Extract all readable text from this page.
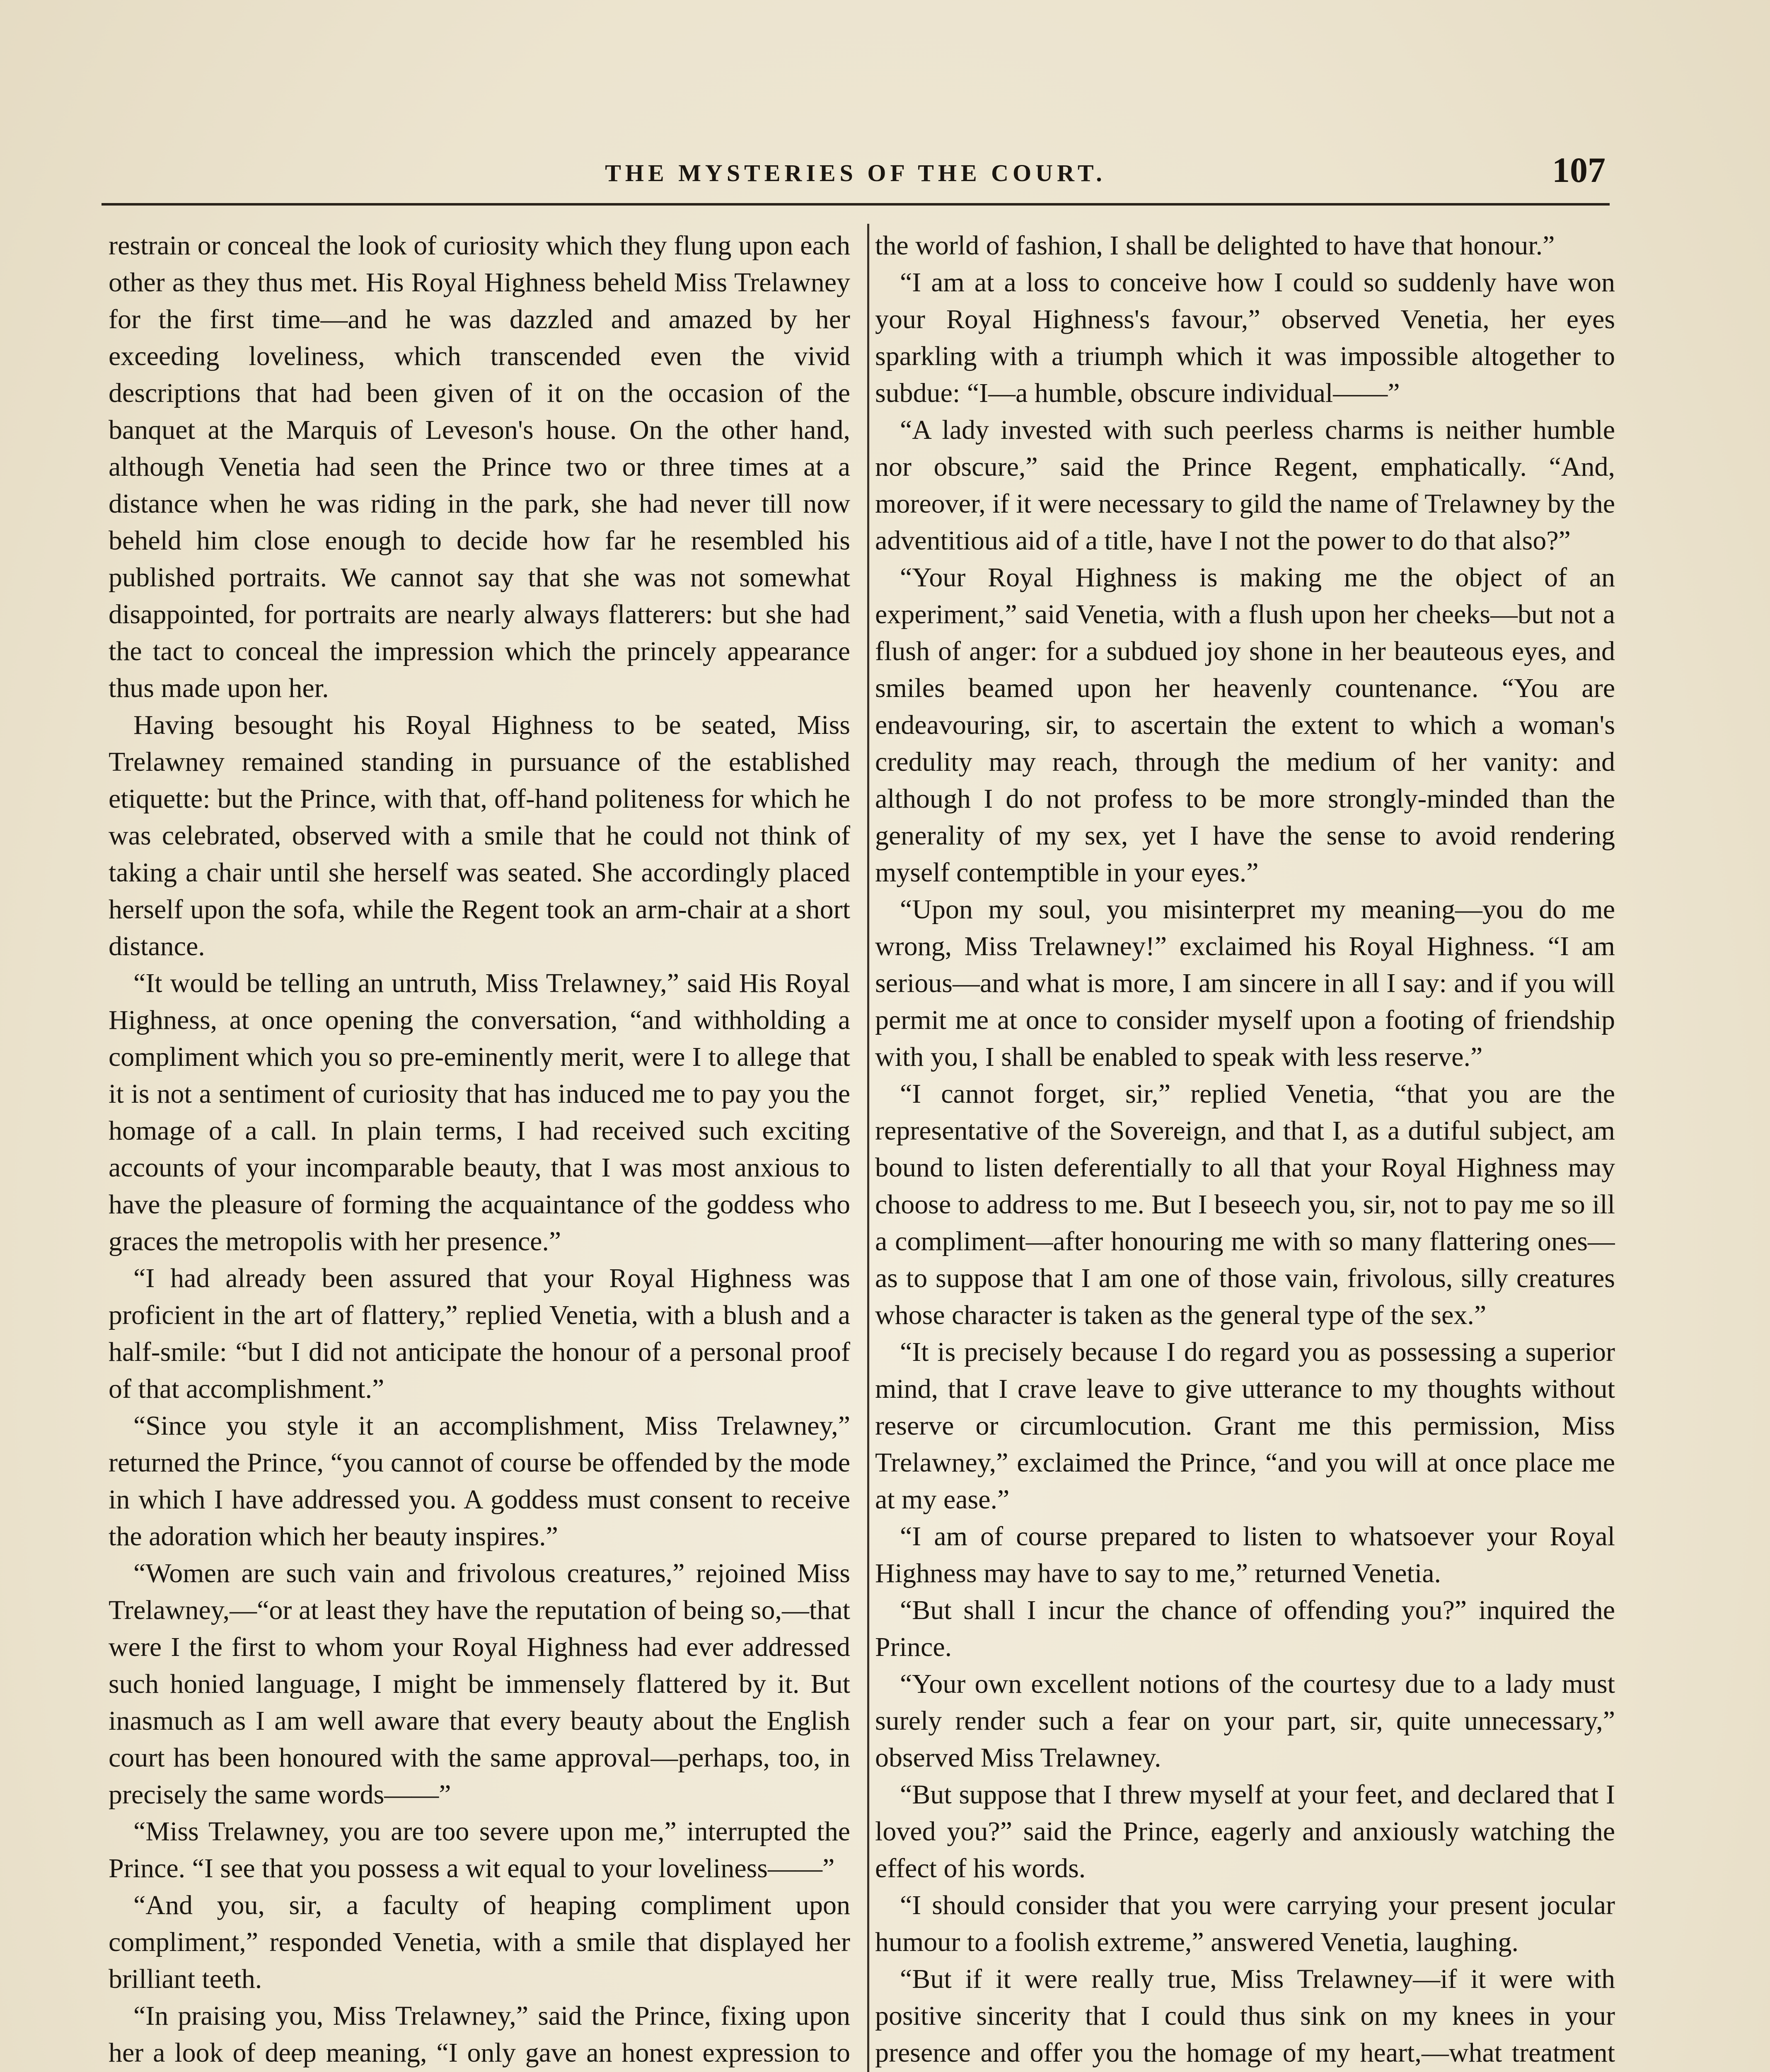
THE MYSTERIES OF THE COURT.	107

restrain or conceal the look of curiosity which they flung upon each other as they thus met. His Royal Highness beheld Miss Trelawney for the first time—and he was dazzled and amazed by her exceeding loveliness, which transcended even the vivid descriptions that had been given of it on the occasion of the banquet at the Marquis of Leveson's house. On the other hand, although Venetia had seen the Prince two or three times at a distance when he was riding in the park, she had never till now beheld him close enough to decide how far he resembled his published portraits. We cannot say that she was not somewhat disappointed, for portraits are nearly always flatterers: but she had the tact to conceal the impression which the princely appearance thus made upon her.

Having besought his Royal Highness to be seated, Miss Trelawney remained standing in pursuance of the established etiquette: but the Prince, with that, off-hand politeness for which he was celebrated, observed with a smile that he could not think of taking a chair until she herself was seated. She accordingly placed herself upon the sofa, while the Regent took an arm-chair at a short distance.

“It would be telling an untruth, Miss Trelawney,” said His Royal Highness, at once opening the conversation, “and withholding a compliment which you so pre-eminently merit, were I to allege that it is not a sentiment of curiosity that has induced me to pay you the homage of a call. In plain terms, I had received such exciting accounts of your incomparable beauty, that I was most anxious to have the pleasure of forming the acquaintance of the goddess who graces the metropolis with her presence.”

“I had already been assured that your Royal Highness was proficient in the art of flattery,” replied Venetia, with a blush and a half-smile: “but I did not anticipate the honour of a personal proof of that accomplishment.”

“Since you style it an accomplishment, Miss Trelawney,” returned the Prince, “you cannot of course be offended by the mode in which I have addressed you. A goddess must consent to receive the adoration which her beauty inspires.”

“Women are such vain and frivolous creatures,” rejoined Miss Trelawney,—“or at least they have the reputation of being so,—that were I the first to whom your Royal Highness had ever addressed such honied language, I might be immensely flattered by it. But inasmuch as I am well aware that every beauty about the English court has been honoured with the same approval—perhaps, too, in precisely the same words——”

“Miss Trelawney, you are too severe upon me,” interrupted the Prince. “I see that you possess a wit equal to your loveliness——”

“And you, sir, a faculty of heaping compliment upon compliment,” responded Venetia, with a smile that displayed her brilliant teeth.

“In praising you, Miss Trelawney,” said the Prince, fixing upon her a look of deep meaning, “I only gave an honest expression to

the world of fashion, I shall be delighted to have that honour.”

“I am at a loss to conceive how I could so suddenly have won your Royal Highness's favour,” observed Venetia, her eyes sparkling with a triumph which it was impossible altogether to subdue: “I—a humble, obscure individual——”

“A lady invested with such peerless charms is neither humble nor obscure,” said the Prince Regent, emphatically. “And, moreover, if it were necessary to gild the name of Trelawney by the adventitious aid of a title, have I not the power to do that also?”

“Your Royal Highness is making me the object of an experiment,” said Venetia, with a flush upon her cheeks—but not a flush of anger: for a subdued joy shone in her beauteous eyes, and smiles beamed upon her heavenly countenance. “You are endeavouring, sir, to ascertain the extent to which a woman's credulity may reach, through the medium of her vanity: and although I do not profess to be more strongly-minded than the generality of my sex, yet I have the sense to avoid rendering myself contemptible in your eyes.”

“Upon my soul, you misinterpret my meaning—you do me wrong, Miss Trelawney!” exclaimed his Royal Highness. “I am serious—and what is more, I am sincere in all I say: and if you will permit me at once to consider myself upon a footing of friendship with you, I shall be enabled to speak with less reserve.”

“I cannot forget, sir,” replied Venetia, “that you are the representative of the Sovereign, and that I, as a dutiful subject, am bound to listen deferentially to all that your Royal Highness may choose to address to me. But I beseech you, sir, not to pay me so ill a compliment—after honouring me with so many flattering ones—as to suppose that I am one of those vain, frivolous, silly creatures whose character is taken as the general type of the sex.”

“It is precisely because I do regard you as possessing a superior mind, that I crave leave to give utterance to my thoughts without reserve or circumlocution. Grant me this permission, Miss Trelawney,” exclaimed the Prince, “and you will at once place me at my ease.”

“I am of course prepared to listen to whatsoever your Royal Highness may have to say to me,” returned Venetia.

“But shall I incur the chance of offending you?” inquired the Prince.

“Your own excellent notions of the courtesy due to a lady must surely render such a fear on your part, sir, quite unnecessary,” observed Miss Trelawney.

“But suppose that I threw myself at your feet, and declared that I loved you?” said the Prince, eagerly and anxiously watching the effect of his words.

“I should consider that you were carrying your present jocular humour to a foolish extreme,” answered Venetia, laughing.

“But if it were really true, Miss Trelawney—if it were with positive sincerity that I could thus sink on my knees in your presence and offer you the homage of my heart,—what treatment
